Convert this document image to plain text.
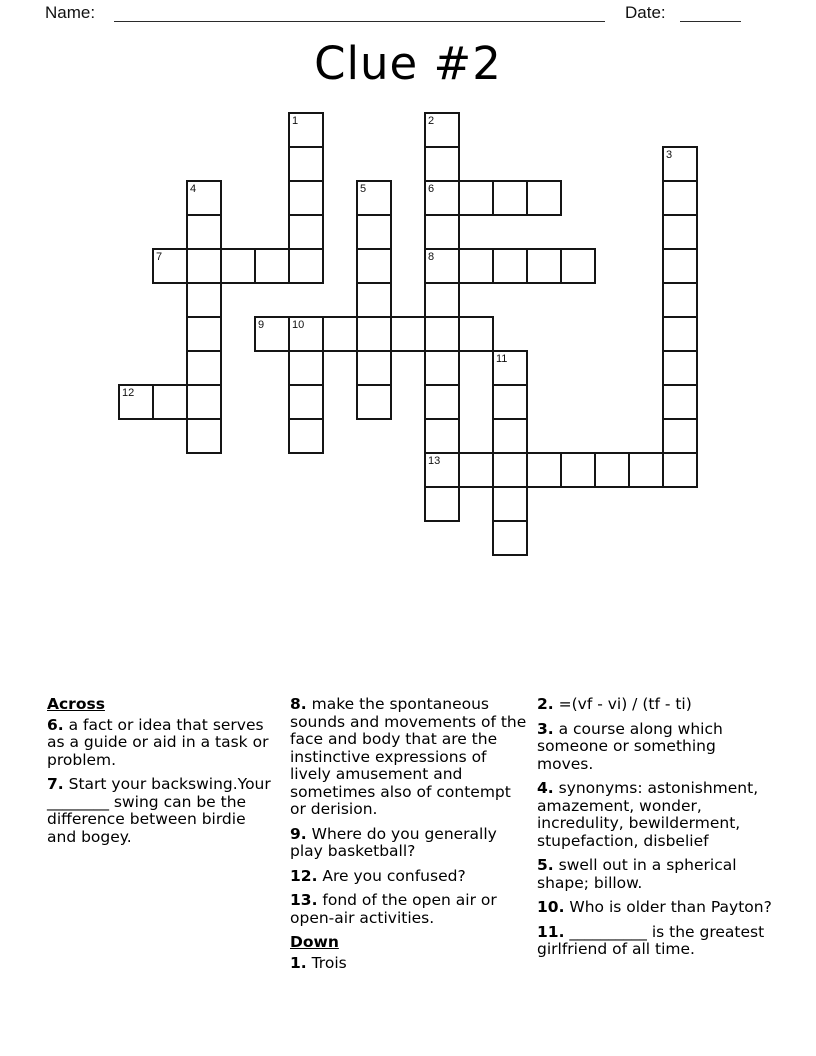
Name:	Date:
Clue #2
1	2
3
4	5	6
7	8
9	10
11
12
13
Across

6. a fact or idea that serves as a guide or aid in a task or problem.

7. Start your backswing.Your ________ swing can be the difference between birdie and bogey.

8. make the spontaneous sounds and movements of the face and body that are the instinctive expressions of lively amusement and sometimes also of contempt or derision.

9. Where do you generally play basketball?

12. Are you confused?

13. fond of the open air or open-air activities.

Down

1. Trois

2. =(vf - vi) / (tf - ti)

3. a course along which someone or something moves.

4. synonyms: astonishment, amazement, wonder, incredulity, bewilderment, stupefaction, disbelief

5. swell out in a spherical shape; billow.

10. Who is older than Payton?

11. __________ is the greatest girlfriend of all time.
